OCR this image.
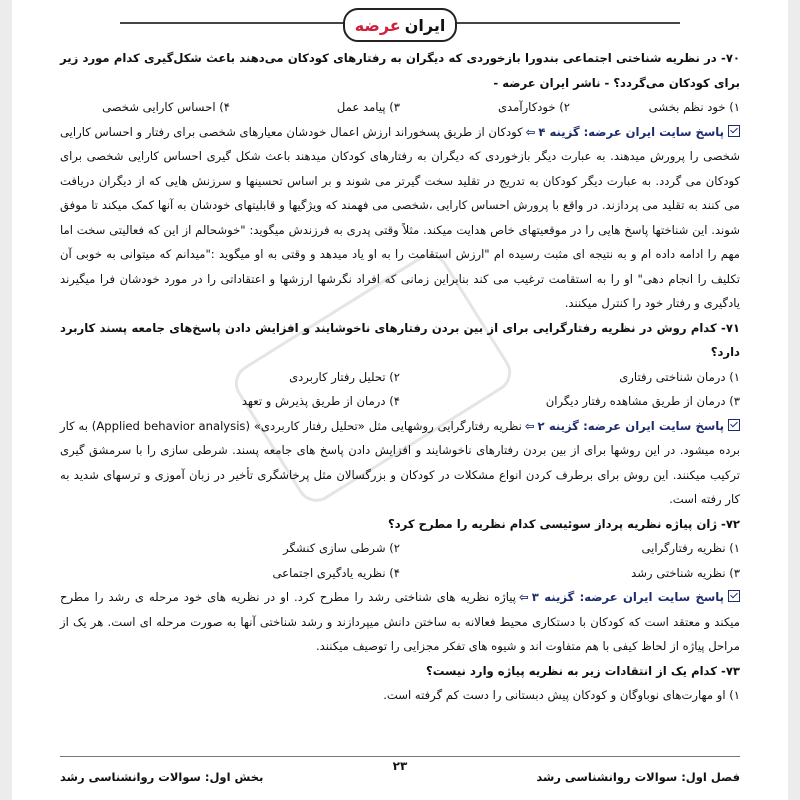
ایران
عرضه

۷۰- در نظریه شناختی اجتماعی بندورا بازخوردی که دیگران به رفتارهای کودکان می‌دهند باعث شکل‌گیری کدام مورد زیر برای کودکان می‌گردد؟ - ناشر ایران عرضه -

۱) خود نظم بخشی
۲) خودکارآمدی
۳) پیامد عمل
۴) احساس کارایی شخصی

پاسخ سایت ایران عرضه: گزینه ۴⇦کودکان از طریق پسخوراند ارزش اعمال خودشان معیارهای شخصی برای رفتار و احساس کارایی شخصی را پرورش میدهند. به عبارت دیگر بازخوردی که دیگران به رفتارهای کودکان میدهند باعث شکل گیری احساس کارایی شخصی برای کودکان می گردد. به عبارت دیگر کودکان به تدریج در تقلید سخت گیرتر می شوند و بر اساس تحسینها و سرزنش هایی که از دیگران دریافت می کنند به تقلید می پردازند. در واقع با پرورش احساس کارایی ،شخصی می فهمند که ویژگیها و قابلیتهای خودشان به آنها کمک میکند تا موفق شوند. این شناختها پاسخ هایی را در موقعیتهای خاص هدایت میکند. مثلاً وقتی پدری به فرزندش میگوید: "خوشحالم از این که فعالیتی سخت اما مهم را ادامه داده ام و به نتیجه ای مثبت رسیده ام "ارزش استقامت را به او یاد میدهد و وقتی به او میگوید :"میدانم که میتوانی به خوبی آن تکلیف را انجام دهی" او را به استقامت ترغیب می کند بنابراین زمانی که افراد نگرشها ارزشها و اعتقاداتی را در مورد خودشان فرا میگیرند یادگیری و رفتار خود را کنترل میکنند.

۷۱- کدام روش در نظریه رفتارگرایی برای از بین بردن رفتارهای ناخوشایند و افزایش دادن پاسخ‌های جامعه پسند کاربرد دارد؟

۱) درمان شناختی رفتاری
۲) تحلیل رفتار کاربردی
۳) درمان از طریق مشاهده رفتار دیگران
۴) درمان از طریق پذیرش و تعهد

پاسخ سایت ایران عرضه: گزینه ۲⇦نظریه رفتارگرایی روشهایی مثل «تحلیل رفتار کاربردی» (Applied behavior analysis) به کار برده میشود. در این روشها برای از بین بردن رفتارهای ناخوشایند و افزایش دادن پاسخ های جامعه پسند. شرطی سازی را با سرمشق گیری ترکیب میکنند. این روش برای برطرف کردن انواع مشکلات در کودکان و بزرگسالان مثل پرخاشگری تأخیر در زبان آموزی و ترسهای شدید به کار رفته است.

۷۲- ژان پیاژه نظریه پرداز سوئیسی کدام نظریه را مطرح کرد؟

۱) نظریه رفتارگرایی
۲) شرطی سازی کنشگر
۳) نظریه شناختی رشد
۴) نظریه یادگیری اجتماعی

پاسخ سایت ایران عرضه: گزینه ۳⇦پیاژه نظریه های شناختی رشد را مطرح کرد. او در نظریه های خود مرحله ی رشد را مطرح میکند و معتقد است که کودکان با دستکاری محیط فعالانه به ساختن دانش میپردازند و رشد شناختی آنها به صورت مرحله ای است. هر یک از مراحل پیاژه از لحاظ کیفی با هم متفاوت اند و شیوه های تفکر مجزایی را توصیف میکنند.

۷۳- کدام یک از انتقادات زیر به نظریه پیاژه وارد نیست؟

۱) او مهارت‌های نوباوگان و کودکان پیش دبستانی را دست کم گرفته است.

۲۳
فصل اول: سوالات روانشناسی رشد
بخش اول: سوالات روانشناسی رشد
